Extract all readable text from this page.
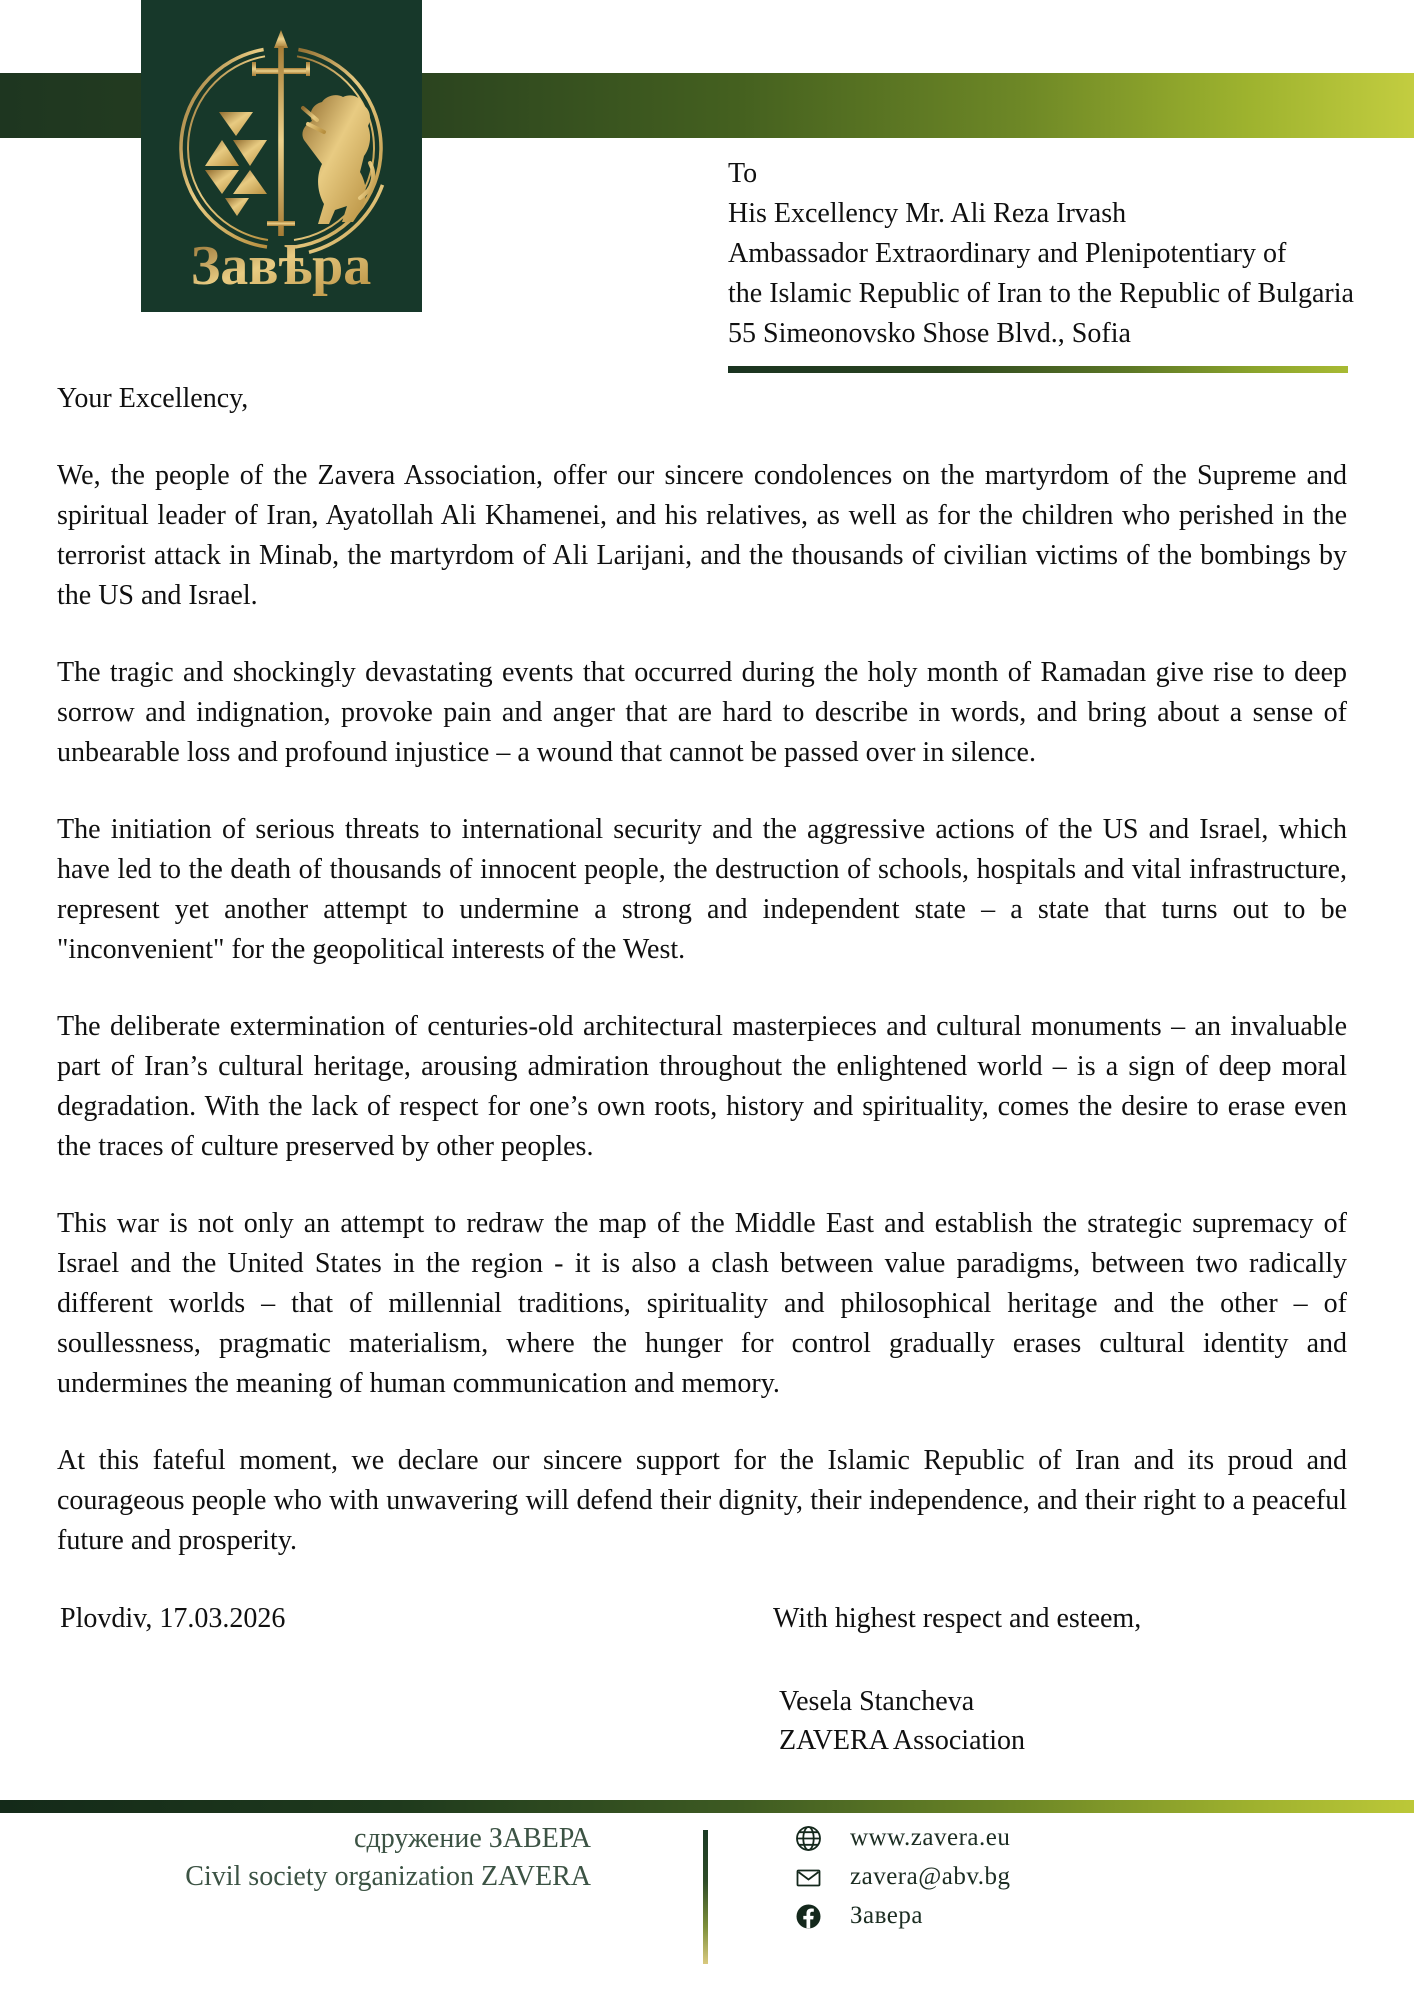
Завѣра
To
His Excellency Mr. Ali Reza Irvash
Ambassador Extraordinary and Plenipotentiary of
the Islamic Republic of Iran to the Republic of Bulgaria
55 Simeonovsko Shose Blvd., Sofia

Your Excellency,

We, the people of the Zavera Association, offer our sincere condolences on the martyrdom of the Supreme and spiritual leader of Iran, Ayatollah Ali Khamenei, and his relatives, as well as for the children who perished in the terrorist attack in Minab, the martyrdom of Ali Larijani, and the thousands of civilian victims of the bombings by the US and Israel.

The tragic and shockingly devastating events that occurred during the holy month of Ramadan give rise to deep sorrow and indignation, provoke pain and anger that are hard to describe in words, and bring about a sense of unbearable loss and profound injustice – a wound that cannot be passed over in silence.

The initiation of serious threats to international security and the aggressive actions of the US and Israel, which have led to the death of thousands of innocent people, the destruction of schools, hospitals and vital infrastructure, represent yet another attempt to undermine a strong and independent state – a state that turns out to be "inconvenient" for the geopolitical interests of the West.

The deliberate extermination of centuries-old architectural masterpieces and cultural monuments – an invaluable part of Iran’s cultural heritage, arousing admiration throughout the enlightened world – is a sign of deep moral degradation. With the lack of respect for one’s own roots, history and spirituality, comes the desire to erase even the traces of culture preserved by other peoples.

This war is not only an attempt to redraw the map of the Middle East and establish the strategic supremacy of Israel and the United States in the region - it is also a clash between value paradigms, between two radically different worlds – that of millennial traditions, spirituality and philosophical heritage and the other – of soullessness, pragmatic materialism, where the hunger for control gradually erases cultural identity and undermines the meaning of human communication and memory.

At this fateful moment, we declare our sincere support for the Islamic Republic of Iran and its proud and courageous people who with unwavering will defend their dignity, their independence, and their right to a peaceful future and prosperity.

Plovdiv, 17.03.2026	With highest respect and esteem,
Vesela Stancheva
ZAVERA Association
сдружение ЗАВЕРА
Civil society organization ZAVERA
www.zavera.eu
zavera@abv.bg
Завера
